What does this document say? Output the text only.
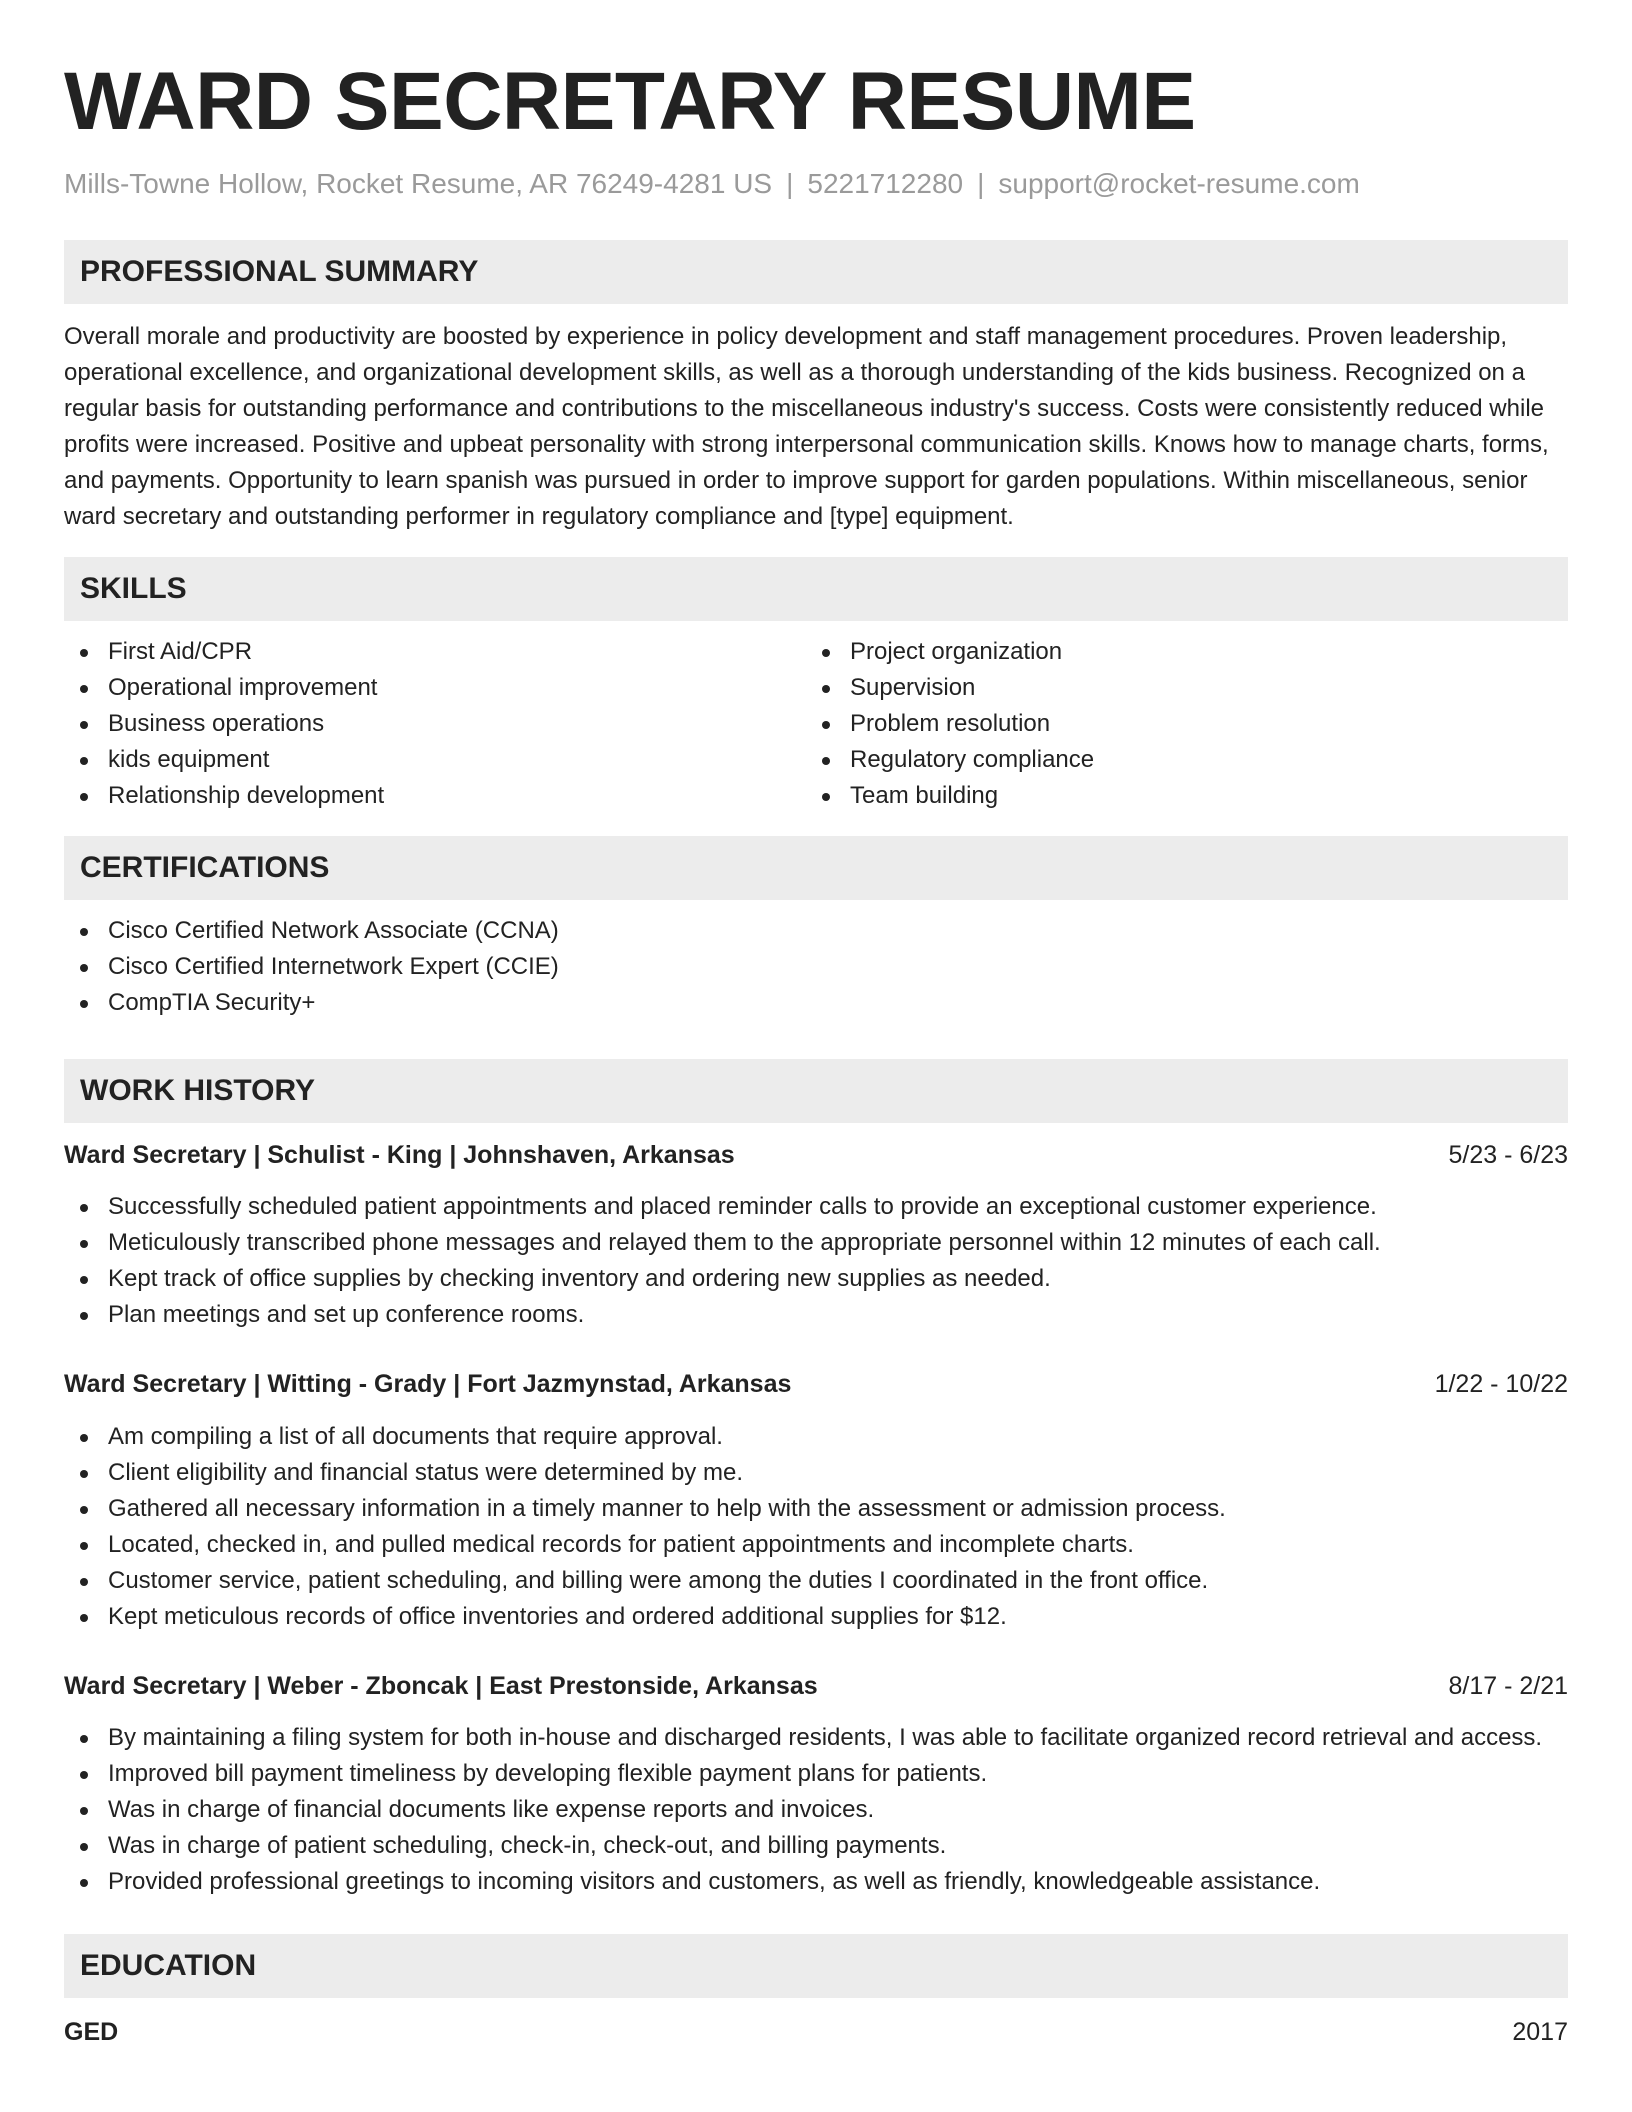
WARD SECRETARY RESUME
Mills-Towne Hollow, Rocket Resume, AR 76249-4281 US | 5221712280 | support@rocket-resume.com
PROFESSIONAL SUMMARY
Overall morale and productivity are boosted by experience in policy development and staff management procedures. Proven leadership, operational excellence, and organizational development skills, as well as a thorough understanding of the kids business. Recognized on a regular basis for outstanding performance and contributions to the miscellaneous industry's success. Costs were consistently reduced while profits were increased. Positive and upbeat personality with strong interpersonal communication skills. Knows how to manage charts, forms, and payments. Opportunity to learn spanish was pursued in order to improve support for garden populations. Within miscellaneous, senior ward secretary and outstanding performer in regulatory compliance and [type] equipment.
SKILLS
First Aid/CPR
Operational improvement
Business operations
kids equipment
Relationship development
Project organization
Supervision
Problem resolution
Regulatory compliance
Team building
CERTIFICATIONS
Cisco Certified Network Associate (CCNA)
Cisco Certified Internetwork Expert (CCIE)
CompTIA Security+
WORK HISTORY
Ward Secretary | Schulist - King | Johnshaven, Arkansas	5/23 - 6/23
Successfully scheduled patient appointments and placed reminder calls to provide an exceptional customer experience.
Meticulously transcribed phone messages and relayed them to the appropriate personnel within 12 minutes of each call.
Kept track of office supplies by checking inventory and ordering new supplies as needed.
Plan meetings and set up conference rooms.
Ward Secretary | Witting - Grady | Fort Jazmynstad, Arkansas	1/22 - 10/22
Am compiling a list of all documents that require approval.
Client eligibility and financial status were determined by me.
Gathered all necessary information in a timely manner to help with the assessment or admission process.
Located, checked in, and pulled medical records for patient appointments and incomplete charts.
Customer service, patient scheduling, and billing were among the duties I coordinated in the front office.
Kept meticulous records of office inventories and ordered additional supplies for $12.
Ward Secretary | Weber - Zboncak | East Prestonside, Arkansas	8/17 - 2/21
By maintaining a filing system for both in-house and discharged residents, I was able to facilitate organized record retrieval and access.
Improved bill payment timeliness by developing flexible payment plans for patients.
Was in charge of financial documents like expense reports and invoices.
Was in charge of patient scheduling, check-in, check-out, and billing payments.
Provided professional greetings to incoming visitors and customers, as well as friendly, knowledgeable assistance.
EDUCATION
GED	2017
